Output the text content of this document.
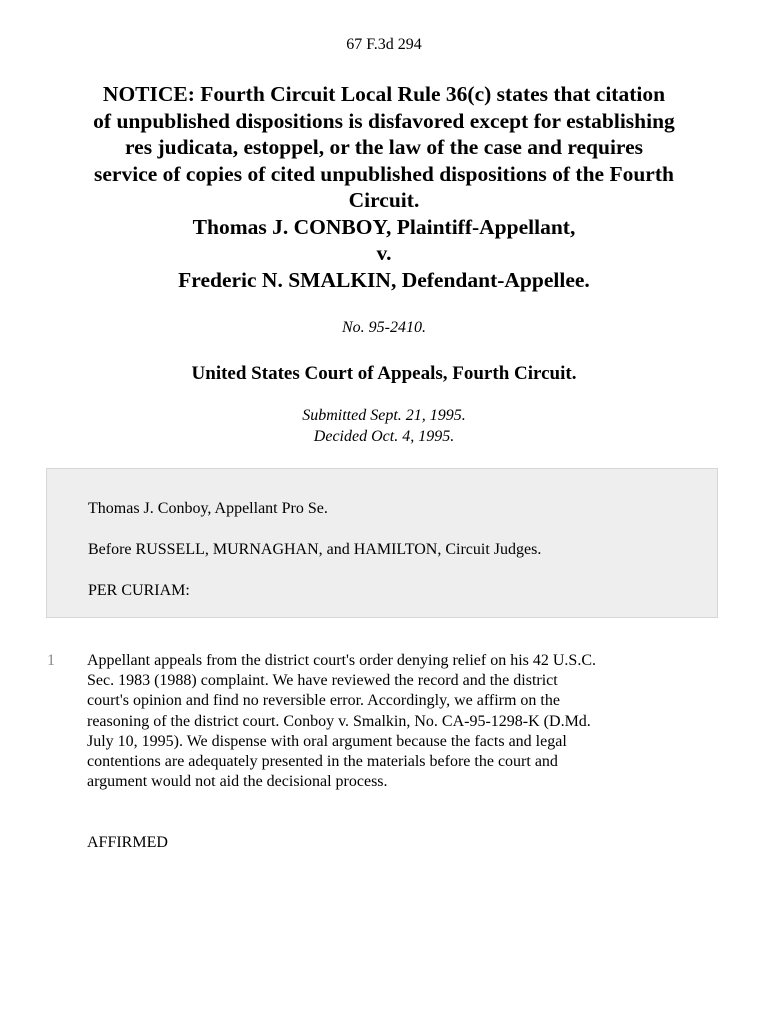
67 F.3d 294
NOTICE: Fourth Circuit Local Rule 36(c) states that citation
of unpublished dispositions is disfavored except for establishing
res judicata, estoppel, or the law of the case and requires
service of copies of cited unpublished dispositions of the Fourth
Circuit.
Thomas J. CONBOY, Plaintiff-Appellant,
v.
Frederic N. SMALKIN, Defendant-Appellee.
No. 95-2410.
United States Court of Appeals, Fourth Circuit.
Submitted Sept. 21, 1995.
Decided Oct. 4, 1995.

Thomas J. Conboy, Appellant Pro Se.

Before RUSSELL, MURNAGHAN, and HAMILTON, Circuit Judges.

PER CURIAM:

1 Appellant appeals from the district court's order denying relief on his 42 U.S.C.
Sec. 1983 (1988) complaint. We have reviewed the record and the district
court's opinion and find no reversible error. Accordingly, we affirm on the
reasoning of the district court. Conboy v. Smalkin, No. CA-95-1298-K (D.Md.
July 10, 1995). We dispense with oral argument because the facts and legal
contentions are adequately presented in the materials before the court and
argument would not aid the decisional process.
AFFIRMED
